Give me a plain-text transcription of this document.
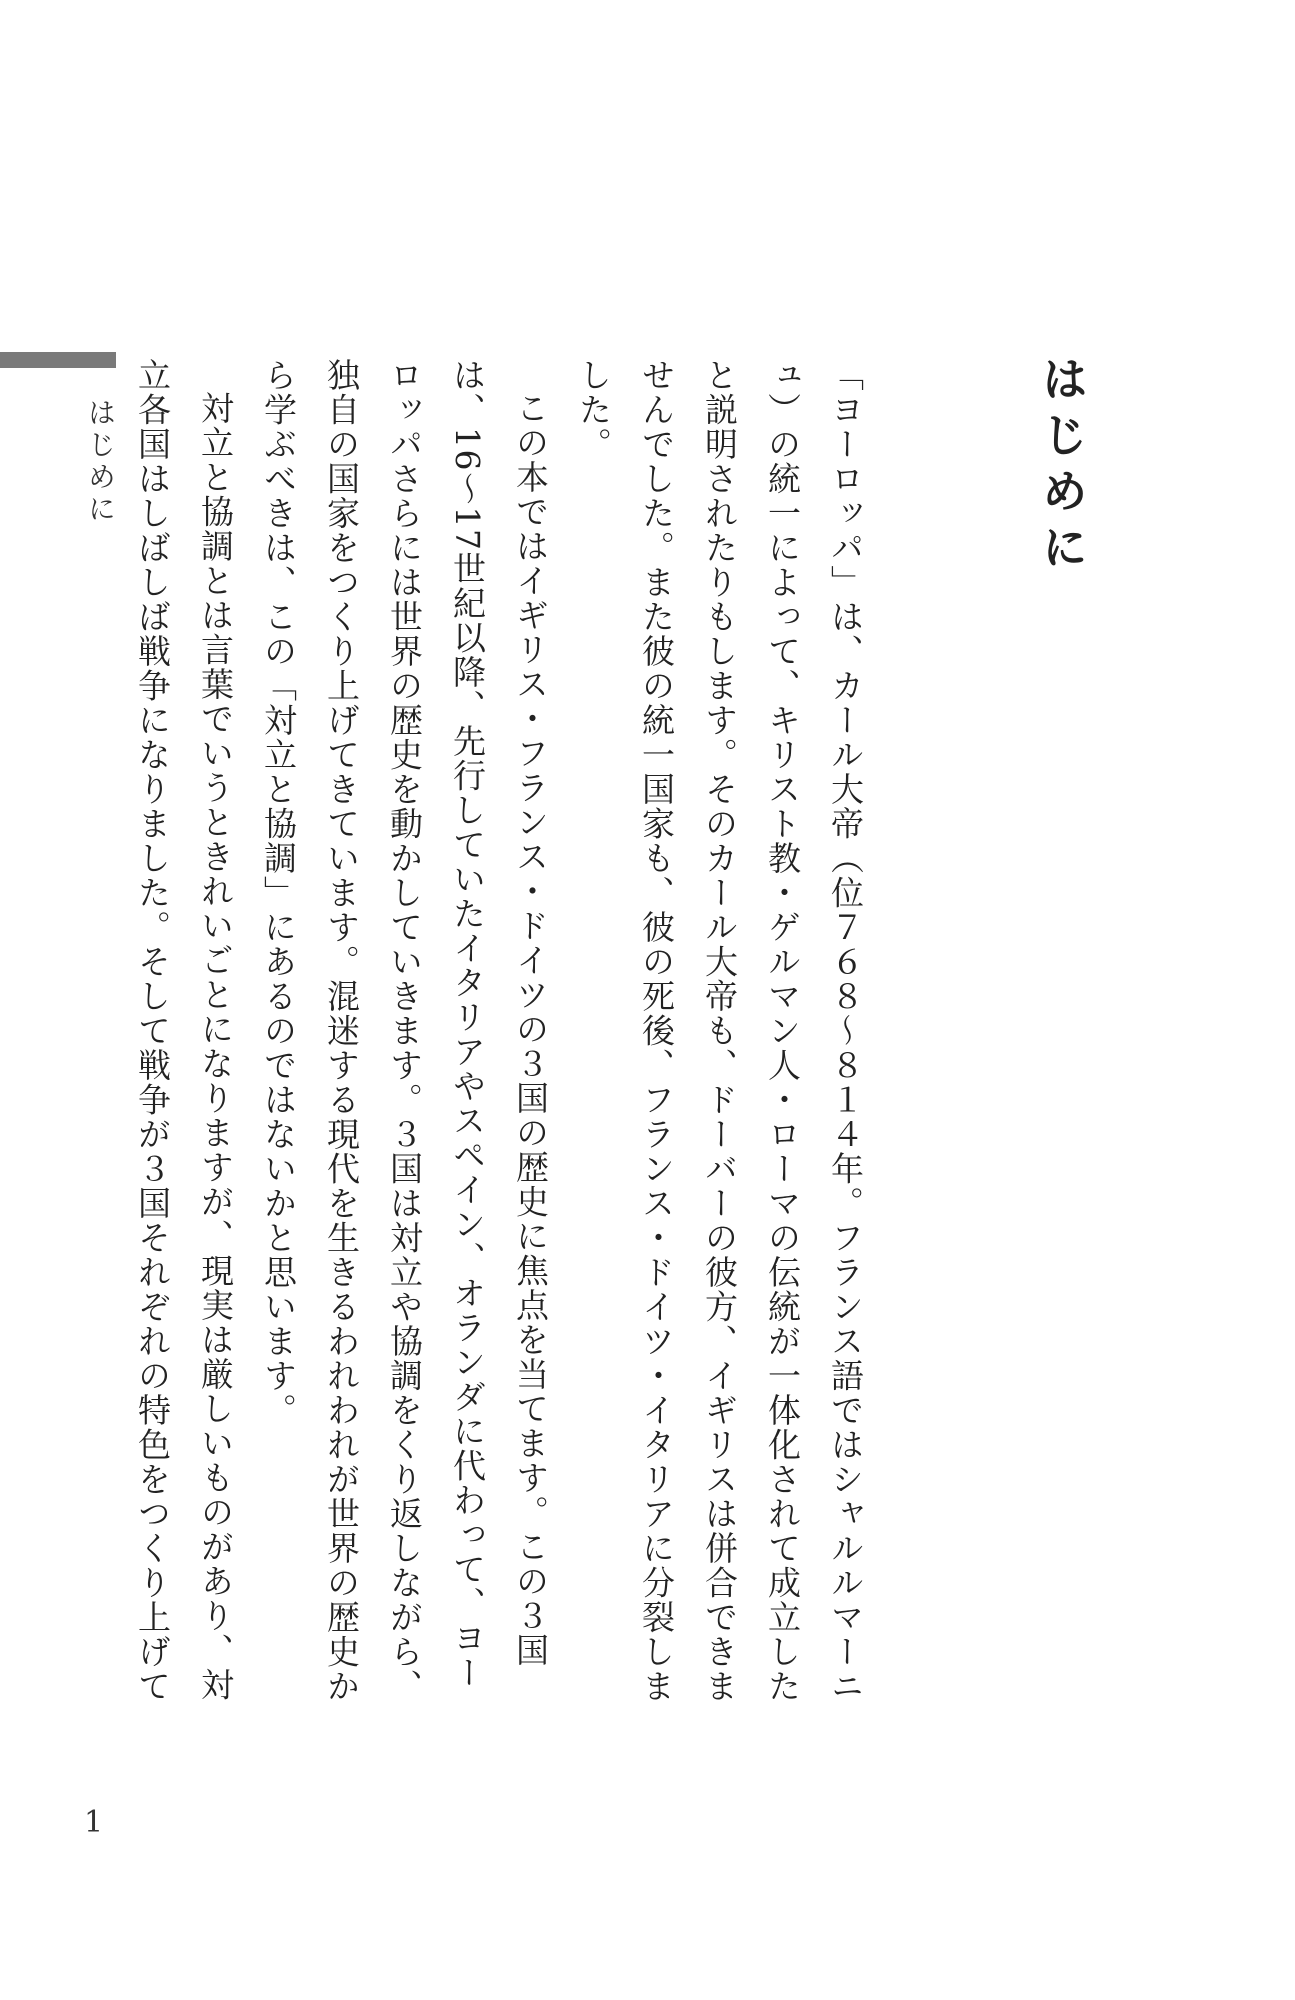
はじめに
1
はじめに

「ヨーロッパ」は、カール大帝（位７６８〜８１４年。フランス語ではシャルルマーニュ）の統一によって、キリスト教・ゲルマン人・ローマの伝統が一体化されて成立したと説明されたりもします。そのカール大帝も、ドーバーの彼方、イギリスは併合できませんでした。また彼の統一国家も、彼の死後、フランス・ドイツ・イタリアに分裂しました。

この本ではイギリス・フランス・ドイツの３国の歴史に焦点を当てます。この３国は、16〜17世紀以降、先行していたイタリアやスペイン、オランダに代わって、ヨーロッパさらには世界の歴史を動かしていきます。３国は対立や協調をくり返しながら、独自の国家をつくり上げてきています。混迷する現代を生きるわれわれが世界の歴史から学ぶべきは、この「対立と協調」にあるのではないかと思います。

対立と協調とは言葉でいうときれいごとになりますが、現実は厳しいものがあり、対立各国はしばしば戦争になりました。そして戦争が３国それぞれの特色をつくり上げて
